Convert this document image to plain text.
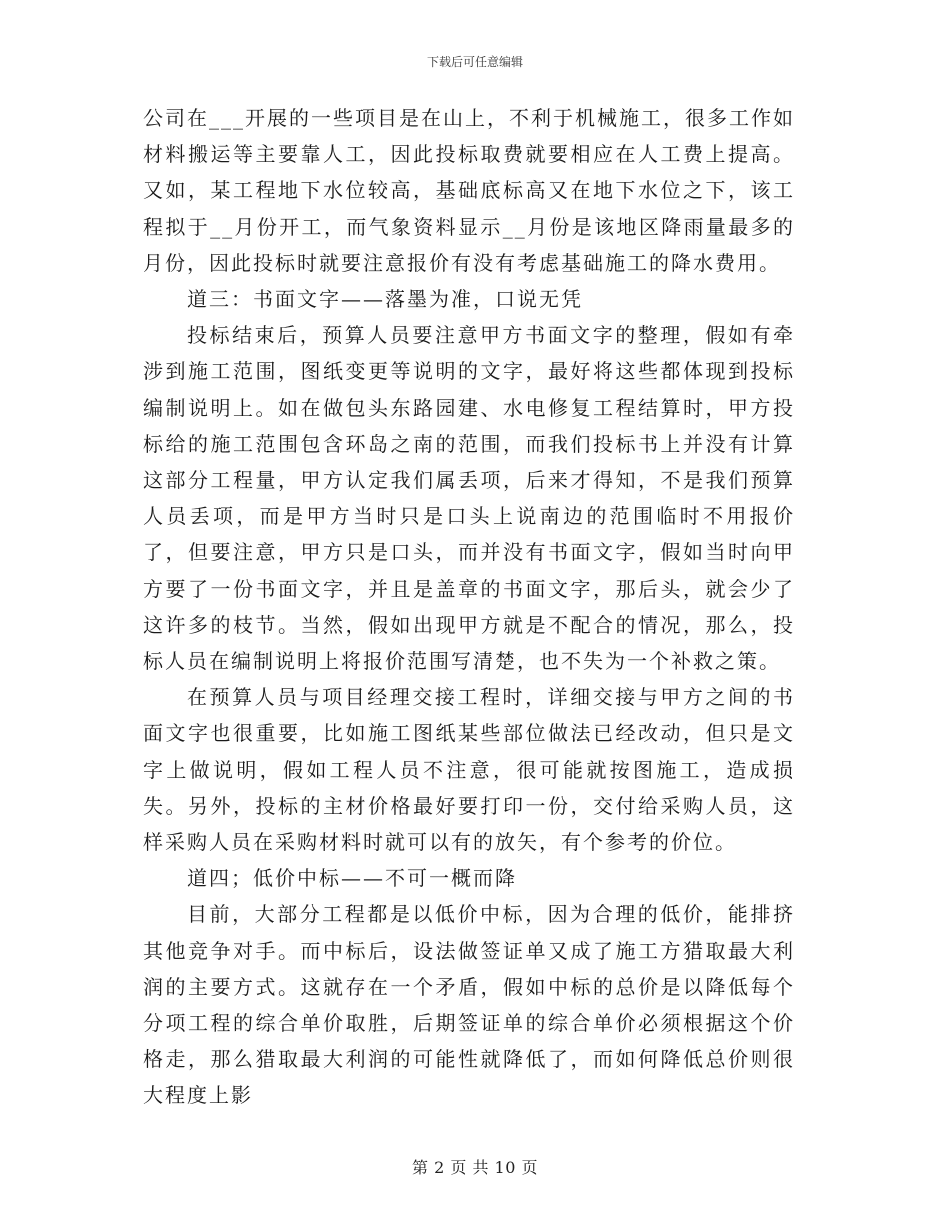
下载后可任意编辑

公司在___开展的一些项目是在山上，不利于机械施工，很多工作如材料搬运等主要靠人工，因此投标取费就要相应在人工费上提高。又如，某工程地下水位较高，基础底标高又在地下水位之下，该工程拟于__月份开工，而气象资料显示__月份是该地区降雨量最多的月份，因此投标时就要注意报价有没有考虑基础施工的降水费用。

道三：书面文字——落墨为准，口说无凭

投标结束后，预算人员要注意甲方书面文字的整理，假如有牵涉到施工范围，图纸变更等说明的文字，最好将这些都体现到投标编制说明上。如在做包头东路园建、水电修复工程结算时，甲方投标给的施工范围包含环岛之南的范围，而我们投标书上并没有计算这部分工程量，甲方认定我们属丢项，后来才得知，不是我们预算人员丢项，而是甲方当时只是口头上说南边的范围临时不用报价了，但要注意，甲方只是口头，而并没有书面文字，假如当时向甲方要了一份书面文字，并且是盖章的书面文字，那后头，就会少了这许多的枝节。当然，假如出现甲方就是不配合的情况，那么，投标人员在编制说明上将报价范围写清楚，也不失为一个补救之策。

在预算人员与项目经理交接工程时，详细交接与甲方之间的书面文字也很重要，比如施工图纸某些部位做法已经改动，但只是文字上做说明，假如工程人员不注意，很可能就按图施工，造成损失。另外，投标的主材价格最好要打印一份，交付给采购人员，这样采购人员在采购材料时就可以有的放矢，有个参考的价位。

道四；低价中标——不可一概而降

目前，大部分工程都是以低价中标，因为合理的低价，能排挤其他竞争对手。而中标后，设法做签证单又成了施工方猎取最大利润的主要方式。这就存在一个矛盾，假如中标的总价是以降低每个分项工程的综合单价取胜，后期签证单的综合单价必须根据这个价格走，那么猎取最大利润的可能性就降低了，而如何降低总价则很大程度上影

第 2 页 共 10 页
